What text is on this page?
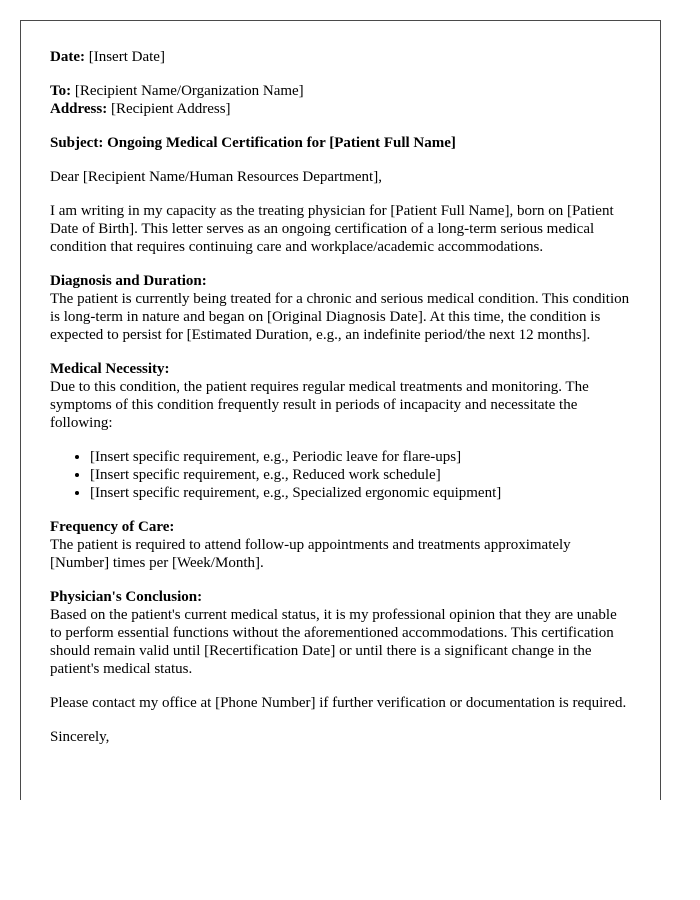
Date: [Insert Date]

To: [Recipient Name/Organization Name]

Address: [Recipient Address]

Subject: Ongoing Medical Certification for [Patient Full Name]

Dear [Recipient Name/Human Resources Department],

I am writing in my capacity as the treating physician for [Patient Full Name], born on [Patient Date of Birth]. This letter serves as an ongoing certification of a long-term serious medical condition that requires continuing care and workplace/academic accommodations.

Diagnosis and Duration:
The patient is currently being treated for a chronic and serious medical condition. This condition is long-term in nature and began on [Original Diagnosis Date]. At this time, the condition is expected to persist for [Estimated Duration, e.g., an indefinite period/the next 12 months].
Medical Necessity:
Due to this condition, the patient requires regular medical treatments and monitoring. The symptoms of this condition frequently result in periods of incapacity and necessitate the following:
• [Insert specific requirement, e.g., Periodic leave for flare-ups]
• [Insert specific requirement, e.g., Reduced work schedule]
• [Insert specific requirement, e.g., Specialized ergonomic equipment]
Frequency of Care:
The patient is required to attend follow-up appointments and treatments approximately [Number] times per [Week/Month].
Physician's Conclusion:
Based on the patient's current medical status, it is my professional opinion that they are unable to perform essential functions without the aforementioned accommodations. This certification should remain valid until [Recertification Date] or until there is a significant change in the patient's medical status.

Please contact my office at [Phone Number] if further verification or documentation is required.

Sincerely,
